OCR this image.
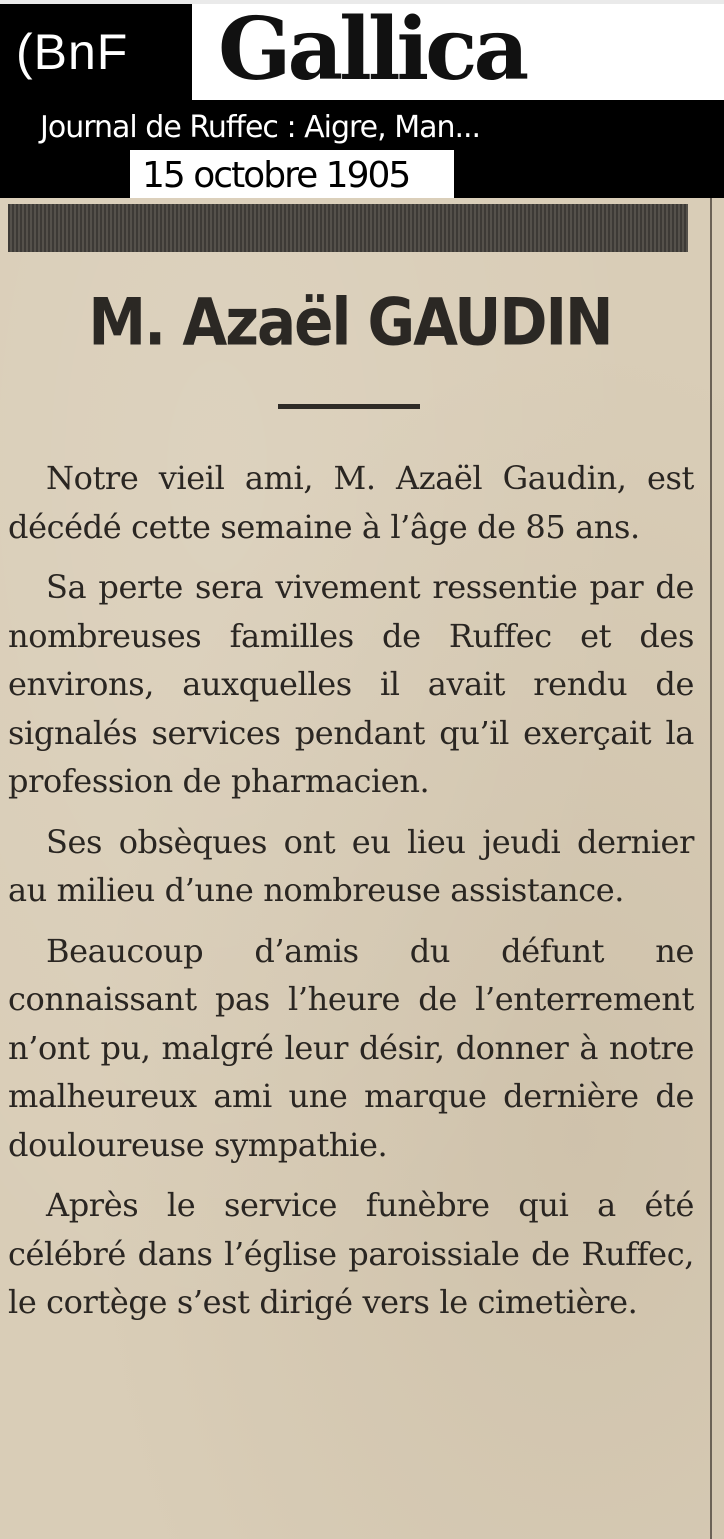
(BnF	Gallica
Journal de Ruffec : Aigre, Man...
15 octobre 1905
M. Azaël GAUDIN

Notre vieil ami, M. Azaël Gaudin, est décédé cette semaine à l’âge de 85 ans.

Sa perte sera vivement ressentie par de nombreuses familles de Ruffec et des environs, auxquelles il avait rendu de signalés services pendant qu’il exerçait la profession de pharmacien.

Ses obsèques ont eu lieu jeudi dernier au milieu d’une nombreuse assistance.

Beaucoup d’amis du défunt ne connaissant pas l’heure de l’enterrement n’ont pu, malgré leur désir, donner à notre malheureux ami une marque dernière de douloureuse sympathie.

Après le service funèbre qui a été célébré dans l’église paroissiale de Ruffec, le cortège s’est dirigé vers le cimetière.
